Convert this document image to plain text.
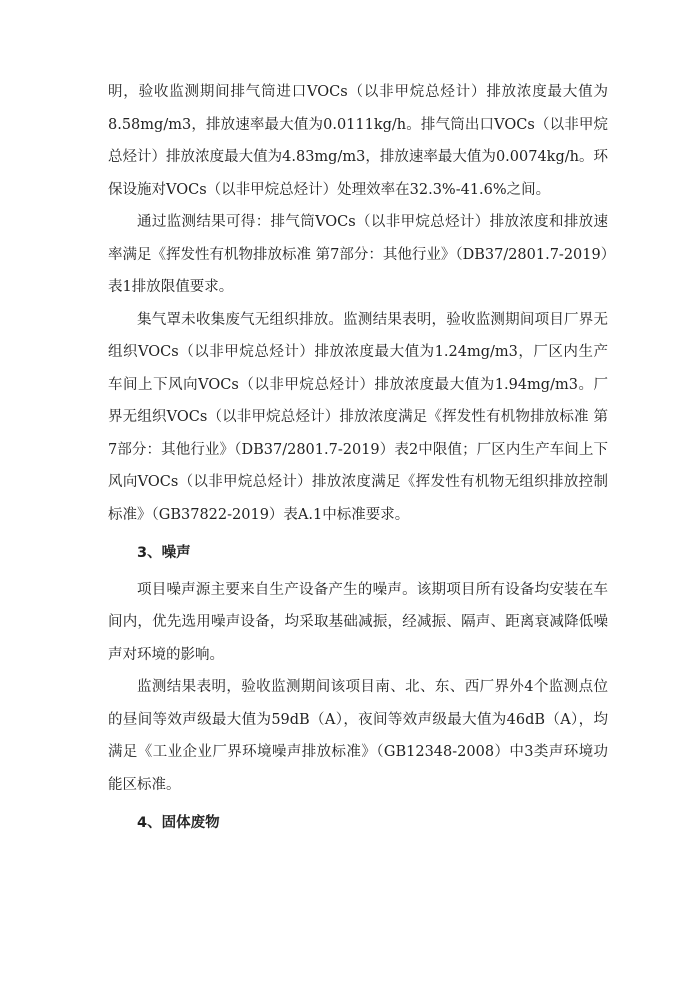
明，验收监测期间排气筒进口VOCs（以非甲烷总烃计）排放浓度最大值为8.58mg/m3，排放速率最大值为0.0111kg/h。排气筒出口VOCs（以非甲烷总烃计）排放浓度最大值为4.83mg/m3，排放速率最大值为0.0074kg/h。环保设施对VOCs（以非甲烷总烃计）处理效率在32.3%-41.6%之间。

通过监测结果可得：排气筒VOCs（以非甲烷总烃计）排放浓度和排放速率满足《挥发性有机物排放标准 第7部分：其他行业》（DB37/2801.7-2019）表1排放限值要求。

集气罩未收集废气无组织排放。监测结果表明，验收监测期间项目厂界无组织VOCs（以非甲烷总烃计）排放浓度最大值为1.24mg/m3，厂区内生产车间上下风向VOCs（以非甲烷总烃计）排放浓度最大值为1.94mg/m3。厂界无组织VOCs（以非甲烷总烃计）排放浓度满足《挥发性有机物排放标准 第7部分：其他行业》（DB37/2801.7-2019）表2中限值；厂区内生产车间上下风向VOCs（以非甲烷总烃计）排放浓度满足《挥发性有机物无组织排放控制标准》（GB37822-2019）表A.1中标准要求。

3、噪声

项目噪声源主要来自生产设备产生的噪声。该期项目所有设备均安装在车间内，优先选用噪声设备，均采取基础减振，经减振、隔声、距离衰减降低噪声对环境的影响。

监测结果表明，验收监测期间该项目南、北、东、西厂界外4个监测点位的昼间等效声级最大值为59dB（A），夜间等效声级最大值为46dB（A），均满足《工业企业厂界环境噪声排放标准》（GB12348-2008）中3类声环境功能区标准。

4、固体废物
